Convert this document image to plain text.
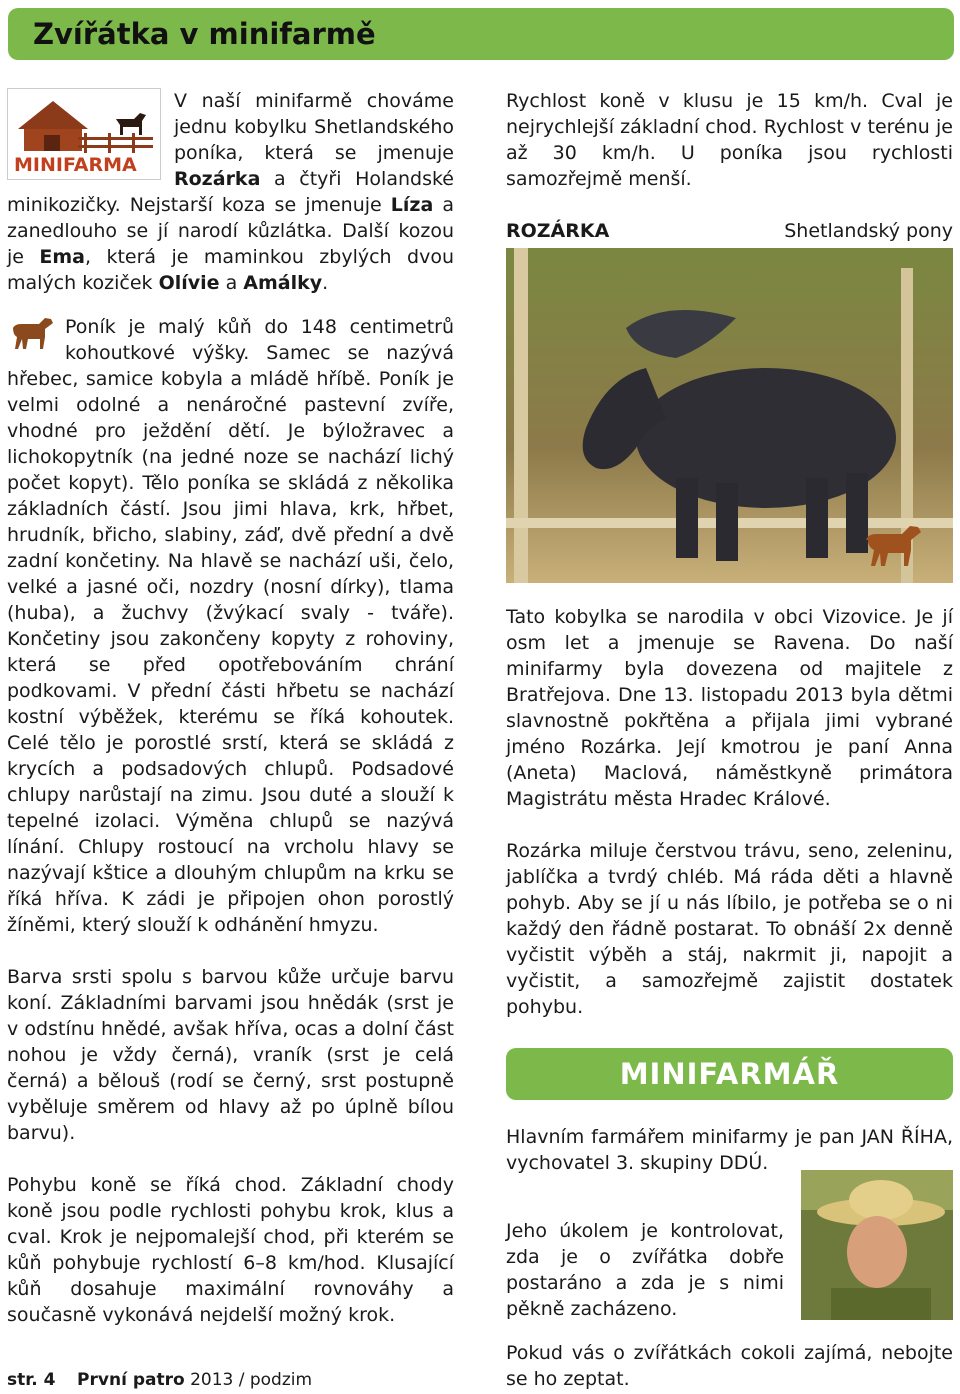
Zvířátka v minifarmě
MINIFARMA
V naší minifarmě chováme jednu kobylku Shetlandského poníka, která se jmenuje Rozárka a čtyři Holandské minikozičky. Nejstarší koza se jmenuje Líza a zanedlouho se jí narodí kůzlátka. Další kozou je Ema, která je maminkou zbylých dvou malých koziček Olívie a Amálky.

Poník je malý kůň do 148 centimetrů kohoutkové výšky. Samec se nazývá hřebec, samice kobyla a mládě hříbě. Poník je velmi odolné a nenáročné pastevní zvíře, vhodné pro ježdění dětí. Je býložravec a lichokopytník (na jedné noze se nachází lichý počet kopyt). Tělo poníka se skládá z několika základních částí. Jsou jimi hlava, krk, hřbet, hrudník, břicho, slabiny, záď, dvě přední a dvě zadní končetiny. Na hlavě se nachází uši, čelo, velké a jasné oči, nozdry (nosní dírky), tlama (huba), a žuchvy (žvýkací svaly - tváře). Končetiny jsou zakončeny kopyty z rohoviny, která se před opotřebováním chrání podkovami. V přední části hřbetu se nachází kostní výběžek, kterému se říká kohoutek. Celé tělo je porostlé srstí, která se skládá z krycích a podsadových chlupů. Podsadové chlupy narůstají na zimu. Jsou duté a slouží k tepelné izolaci. Výměna chlupů se nazývá línání. Chlupy rostoucí na vrcholu hlavy se nazývají kštice a dlouhým chlupům na krku se říká hříva. K zádi je připojen ohon porostlý žíněmi, který slouží k odhánění hmyzu.

Barva srsti spolu s barvou kůže určuje barvu koní. Základními barvami jsou hnědák (srst je v odstínu hnědé, avšak hříva, ocas a dolní část nohou je vždy černá), vraník (srst je celá černá) a bělouš (rodí se černý, srst postupně vyběluje směrem od hlavy až po úplně bílou barvu).

Pohybu koně se říká chod. Základní chody koně jsou podle rychlosti pohybu krok, klus a cval. Krok je nejpomalejší chod, při kterém se kůň pohybuje rychlostí 6–8 km/hod. Klusající kůň dosahuje maximální rovnováhy a současně vykonává nejdelší možný krok.

Rychlost koně v klusu je 15 km/h. Cval je nejrychlejší základní chod. Rychlost v terénu je až 30 km/h. U poníka jsou rychlosti samozřejmě menší.

ROZÁRKA	Shetlandský pony

Tato kobylka se narodila v obci Vizovice. Je jí osm let a jmenuje se Ravena. Do naší minifarmy byla dovezena od majitele z Bratřejova. Dne 13. listopadu 2013 byla dětmi slavnostně pokřtěna a přijala jimi vybrané jméno Rozárka. Její kmotrou je paní Anna (Aneta) Maclová, náměstkyně primátora Magistrátu města Hradec Králové.

Rozárka miluje čerstvou trávu, seno, zeleninu, jablíčka a tvrdý chléb. Má ráda děti a hlavně pohyb. Aby se jí u nás líbilo, je potřeba se o ni každý den řádně postarat. To obnáší 2x denně vyčistit výběh a stáj, nakrmit ji, napojit a vyčistit, a samozřejmě zajistit dostatek pohybu.

MINIFARMÁŘ

Hlavním farmářem minifarmy je pan JAN ŘÍHA, vychovatel 3. skupiny DDÚ.

Jeho úkolem je kontrolovat, zda je o zvířátka dobře postaráno a zda je s nimi pěkně zacházeno.

Pokud vás o zvířátkách cokoli zajímá, nebojte se ho zeptat.

str. 4 První patro 2013 / podzim
